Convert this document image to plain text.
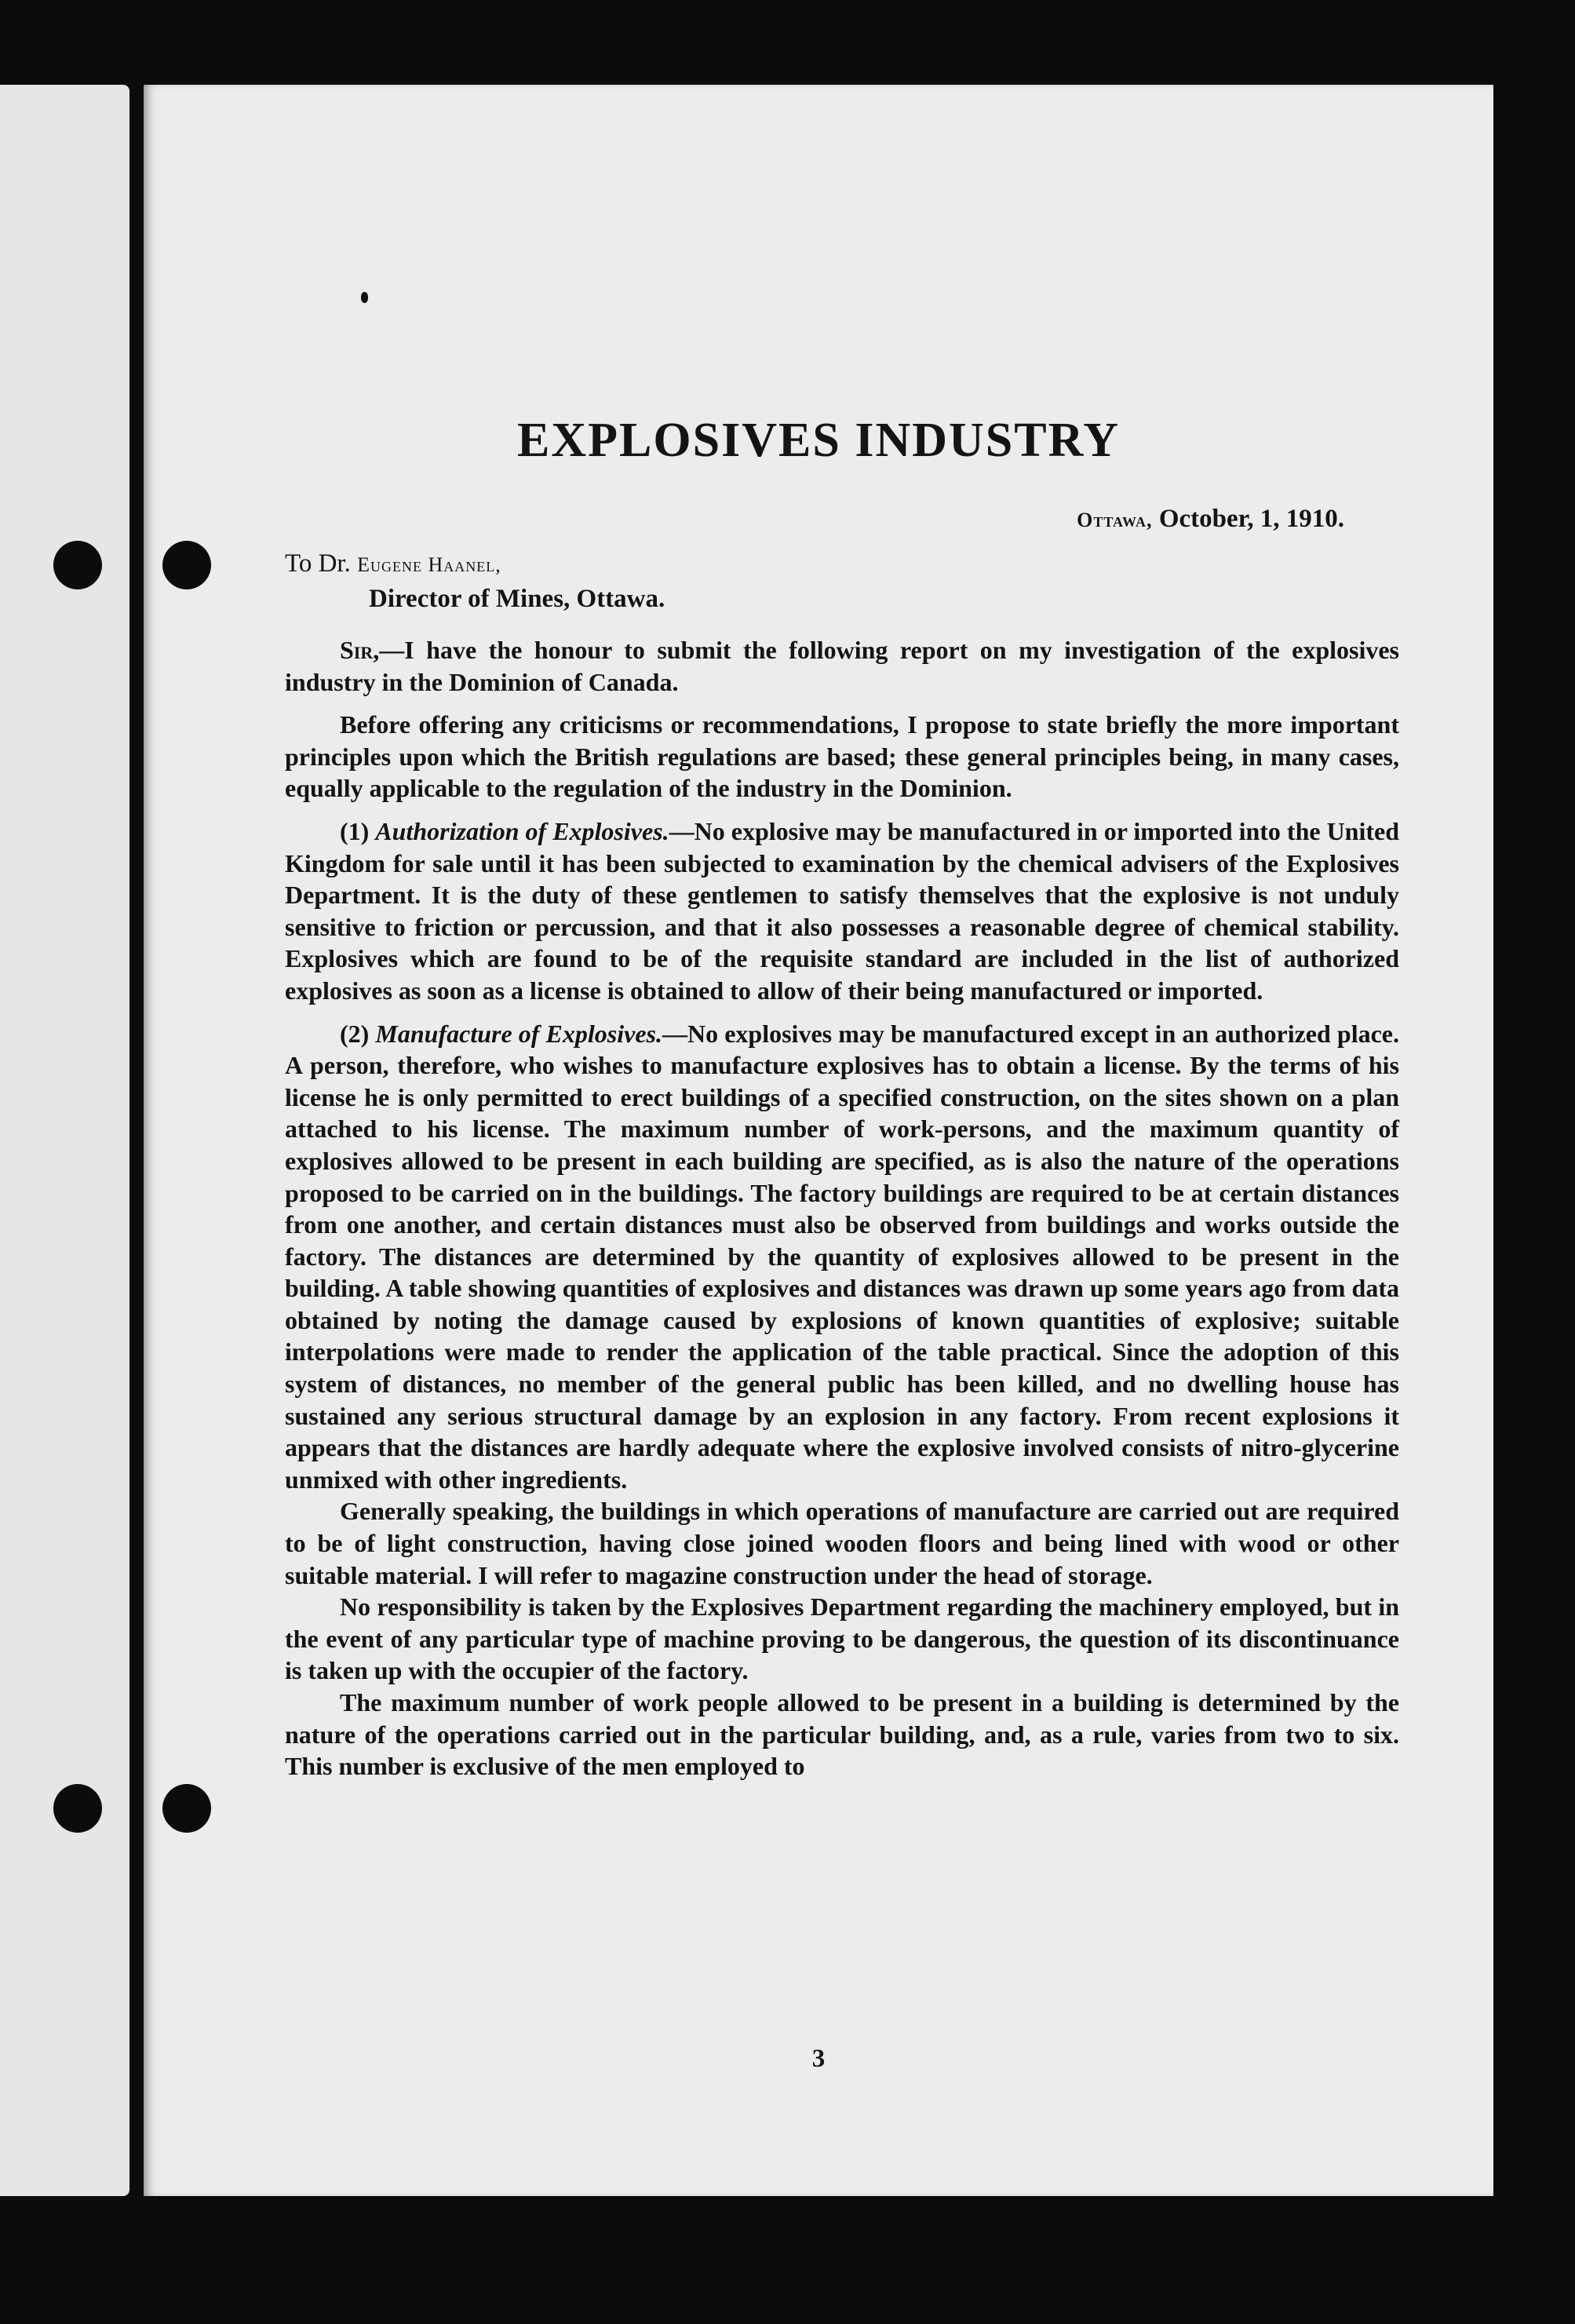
EXPLOSIVES INDUSTRY
Ottawa, October, 1, 1910.
To Dr. Eugene Haanel,
Director of Mines, Ottawa.

Sir,—I have the honour to submit the following report on my investigation of the explosives industry in the Dominion of Canada.

Before offering any criticisms or recommendations, I propose to state briefly the more important principles upon which the British regulations are based; these general principles being, in many cases, equally applicable to the regulation of the industry in the Dominion.

(1) Authorization of Explosives.—No explosive may be manufactured in or imported into the United Kingdom for sale until it has been subjected to examination by the chemical advisers of the Explosives Department. It is the duty of these gentlemen to satisfy themselves that the explosive is not unduly sensitive to friction or percussion, and that it also possesses a reasonable degree of chemical stability. Explosives which are found to be of the requisite standard are included in the list of authorized explosives as soon as a license is obtained to allow of their being manufactured or imported.

(2) Manufacture of Explosives.—No explosives may be manufactured except in an authorized place. A person, therefore, who wishes to manufacture explosives has to obtain a license. By the terms of his license he is only permitted to erect buildings of a specified construction, on the sites shown on a plan attached to his license. The maximum number of work-persons, and the maximum quantity of explosives allowed to be present in each building are specified, as is also the nature of the operations proposed to be carried on in the buildings. The factory buildings are required to be at certain distances from one another, and certain distances must also be observed from buildings and works outside the factory. The distances are determined by the quantity of explosives allowed to be present in the building. A table showing quantities of explosives and distances was drawn up some years ago from data obtained by noting the damage caused by explosions of known quantities of explosive; suitable interpolations were made to render the application of the table practical. Since the adoption of this system of distances, no member of the general public has been killed, and no dwelling house has sustained any serious structural damage by an explosion in any factory. From recent explosions it appears that the distances are hardly adequate where the explosive involved consists of nitro-glycerine unmixed with other ingredients.

Generally speaking, the buildings in which operations of manufacture are carried out are required to be of light construction, having close joined wooden floors and being lined with wood or other suitable material. I will refer to magazine construction under the head of storage.

No responsibility is taken by the Explosives Department regarding the machinery employed, but in the event of any particular type of machine proving to be dangerous, the question of its discontinuance is taken up with the occupier of the factory.

The maximum number of work people allowed to be present in a building is determined by the nature of the operations carried out in the particular building, and, as a rule, varies from two to six. This number is exclusive of the men employed to

3
